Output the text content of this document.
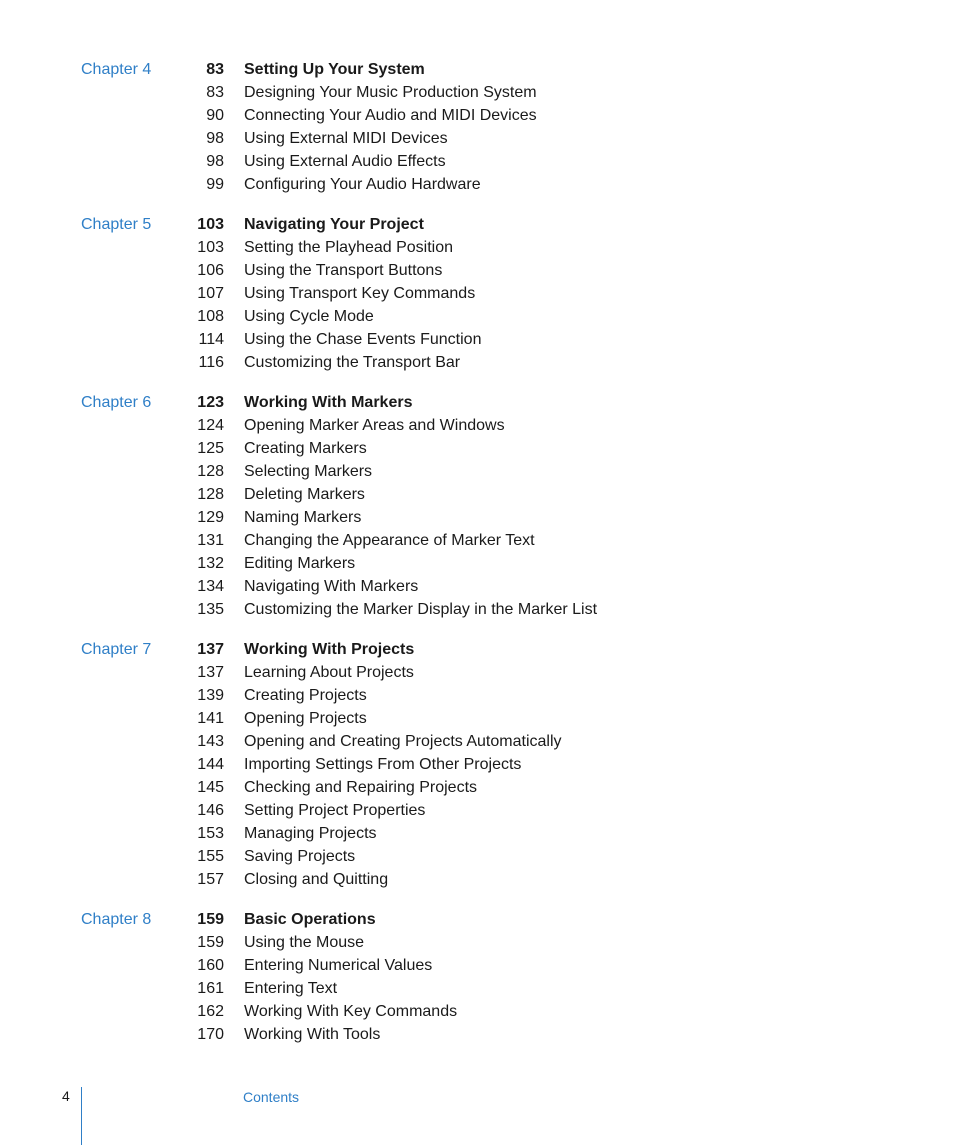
Chapter 4	83 Setting Up Your System
83 Designing Your Music Production System
90 Connecting Your Audio and MIDI Devices
98 Using External MIDI Devices
98 Using External Audio Effects
99 Configuring Your Audio Hardware
Chapter 5	103 Navigating Your Project
103 Setting the Playhead Position
106 Using the Transport Buttons
107 Using Transport Key Commands
108 Using Cycle Mode
114 Using the Chase Events Function
116 Customizing the Transport Bar
Chapter 6	123 Working With Markers
124 Opening Marker Areas and Windows
125 Creating Markers
128 Selecting Markers
128 Deleting Markers
129 Naming Markers
131 Changing the Appearance of Marker Text
132 Editing Markers
134 Navigating With Markers
135 Customizing the Marker Display in the Marker List
Chapter 7	137 Working With Projects
137 Learning About Projects
139 Creating Projects
141 Opening Projects
143 Opening and Creating Projects Automatically
144 Importing Settings From Other Projects
145 Checking and Repairing Projects
146 Setting Project Properties
153 Managing Projects
155 Saving Projects
157 Closing and Quitting
Chapter 8	159 Basic Operations
159 Using the Mouse
160 Entering Numerical Values
161 Entering Text
162 Working With Key Commands
170 Working With Tools
4	Contents
